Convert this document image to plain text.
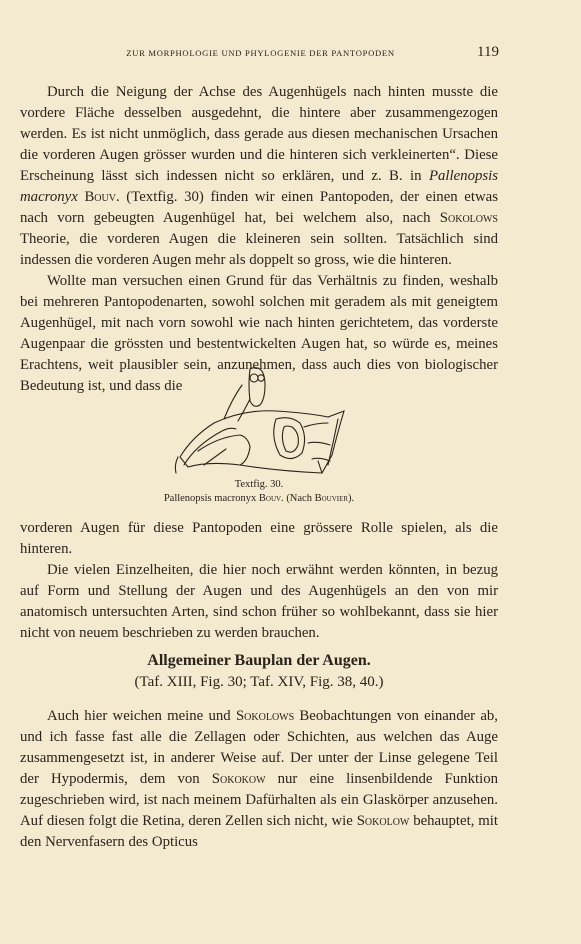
ZUR MORPHOLOGIE UND PHYLOGENIE DER PANTOPODEN	119

Durch die Neigung der Achse des Augenhügels nach hinten musste die vordere Fläche desselben ausgedehnt, die hintere aber zusammengezogen werden. Es ist nicht unmöglich, dass gerade aus diesen mechanischen Ursachen die vorderen Augen grösser wurden und die hinteren sich verkleinerten“. Diese Erscheinung lässt sich indessen nicht so erklären, und z. B. in Pallenopsis macronyx Bouv. (Textfig. 30) finden wir einen Pantopoden, der einen etwas nach vorn gebeugten Augenhügel hat, bei welchem also, nach Sokolows Theorie, die vorderen Augen die kleineren sein sollten. Tatsächlich sind indessen die vorderen Augen mehr als doppelt so gross, wie die hinteren.

Wollte man versuchen einen Grund für das Verhältnis zu finden, weshalb bei mehreren Pantopodenarten, sowohl solchen mit geradem als mit geneigtem Augenhügel, mit nach vorn sowohl wie nach hinten gerichtetem, das vorderste Augenpaar die grössten und bestentwickelten Augen hat, so würde es, meines Erachtens, weit plausibler sein, anzunehmen, dass auch dies von biologischer Bedeutung ist, und dass die

Textfig. 30.
Pallenopsis macronyx Bouv. (Nach Bouvier).

vorderen Augen für diese Pantopoden eine grössere Rolle spielen, als die hinteren.

Die vielen Einzelheiten, die hier noch erwähnt werden könnten, in bezug auf Form und Stellung der Augen und des Augenhügels an den von mir anatomisch untersuchten Arten, sind schon früher so wohlbekannt, dass sie hier nicht von neuem beschrieben zu werden brauchen.

Allgemeiner Bauplan der Augen.
(Taf. XIII, Fig. 30; Taf. XIV, Fig. 38, 40.)

Auch hier weichen meine und Sokolows Beobachtungen von einander ab, und ich fasse fast alle die Zellagen oder Schichten, aus welchen das Auge zusammengesetzt ist, in anderer Weise auf. Der unter der Linse gelegene Teil der Hypodermis, dem von Sokokow nur eine linsenbildende Funktion zugeschrieben wird, ist nach meinem Dafürhalten als ein Glaskörper anzusehen. Auf diesen folgt die Retina, deren Zellen sich nicht, wie Sokolow behauptet, mit den Nervenfasern des Opticus
